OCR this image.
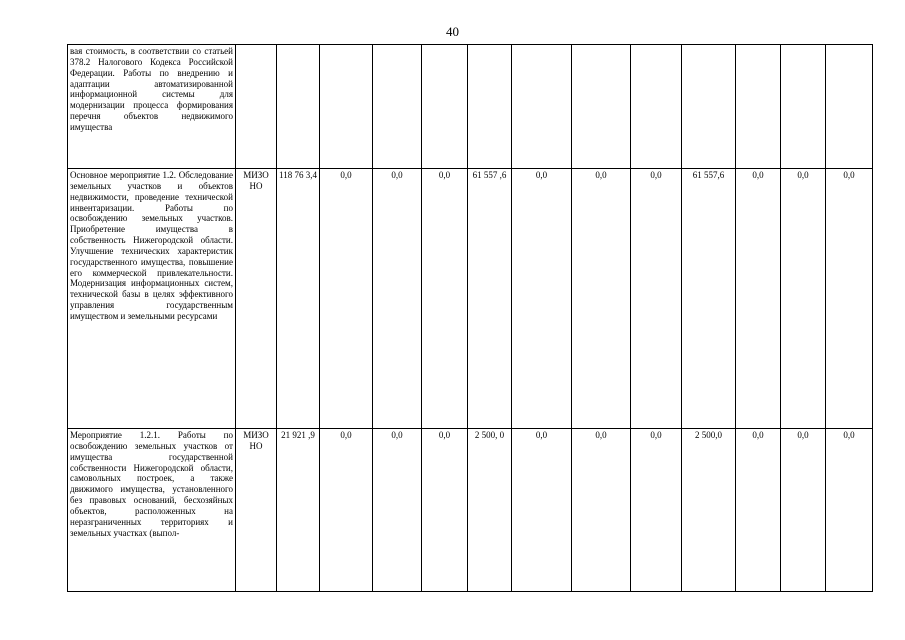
40
вая стоимость, в соответствии со статьей 378.2 Налогового Кодекса Российской Федерации. Работы по внедрению и адаптации автоматизированной информационной системы для модернизации процесса формирования перечня объектов недвижимого имущества													
Основное мероприятие 1.2. Обследование земельных участков и объектов недвижимости, проведение технической инвентаризации. Работы по освобождению земельных участков. Приобретение имущества в собственность Нижегородской области. Улучшение технических характеристик государственного имущества, повышение его коммерческой привлекательности. Модернизация информационных систем, технической базы в целях эффективного управления государственным имуществом и земельными ресурсами	МИЗО НО	118 76 3,4	0,0	0,0	0,0	61 557 ,6	0,0	0,0	0,0	61 557,6	0,0	0,0	0,0
Мероприятие 1.2.1. Работы по освобождению земельных участков от имущества государственной собственности Нижегородской области, самовольных построек, а также движимого имущества, установленного без правовых оснований, бесхозяйных объектов, расположенных на неразграниченных территориях и земельных участках (выпол-	МИЗО НО	21 921 ,9	0,0	0,0	0,0	2 500, 0	0,0	0,0	0,0	2 500,0	0,0	0,0	0,0
